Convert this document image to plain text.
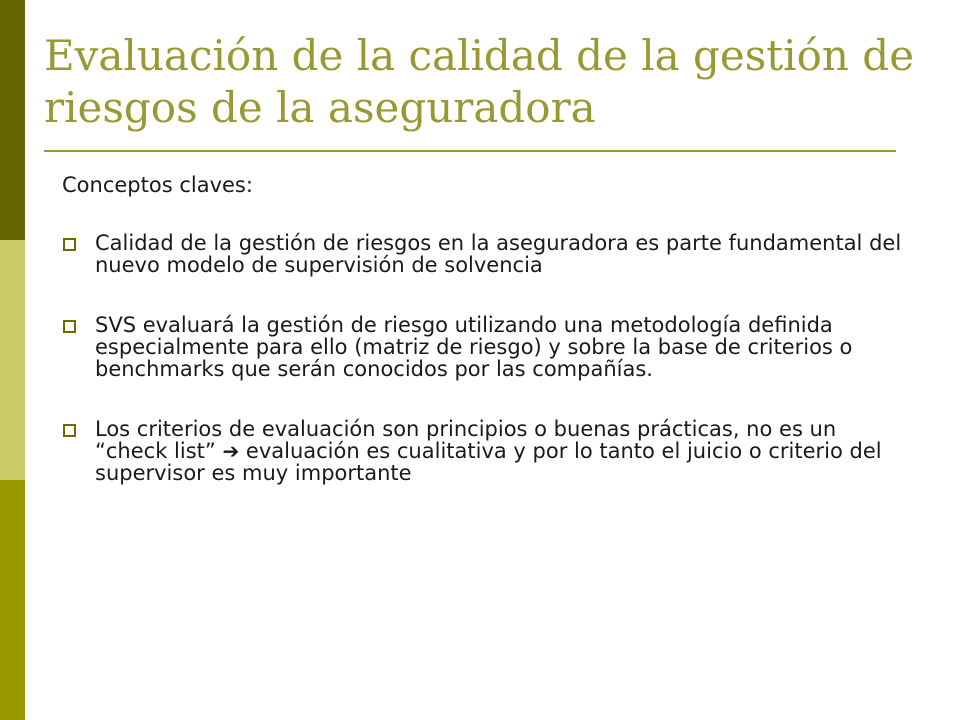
Evaluación de la calidad de la gestión de riesgos de la aseguradora

Conceptos claves:

Calidad de la gestión de riesgos en la aseguradora es parte fundamental del nuevo modelo de supervisión de solvencia
SVS evaluará la gestión de riesgo utilizando una metodología definida especialmente para ello (matriz de riesgo) y sobre la base de criterios o benchmarks que serán conocidos por las compañías.
Los criterios de evaluación son principios o buenas prácticas, no es un “check list” ➔ evaluación es cualitativa y por lo tanto el juicio o criterio del supervisor es muy importante
